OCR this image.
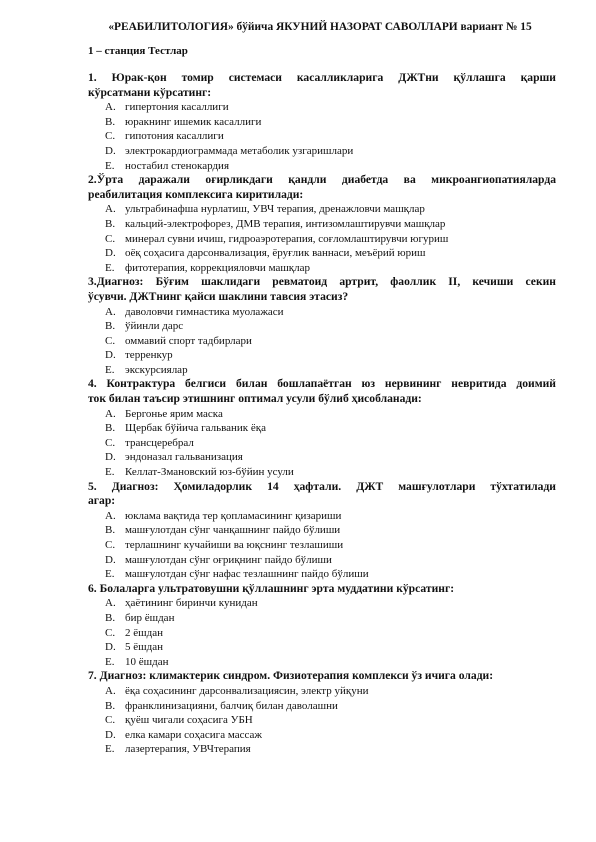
«РЕАБИЛИТОЛОГИЯ» бўйича ЯКУНИЙ НАЗОРАТ САВОЛЛАРИ вариант № 15
1 – станция Тестлар
1. Юрак-қон томир системаси касалликларига ДЖТни қўллашга қарши
кўрсатмани кўрсатинг:
A. гипертония касаллиги
B. юракнинг ишемик касаллиги
C. гипотония касаллиги
D. электрокардиограммада метаболик узгаришлари
E. ностабил стенокардия
2.Ўрта даражали оғирликдаги қандли диабетда ва микроангиопатияларда
реабилитация комплексига киритилади:
A. ультрабинафша нурлатиш, УВЧ терапия, дренажловчи машқлар
B. кальций-электрофорез, ДМВ терапия, интизомлаштирувчи машқлар
C. минерал сувни ичиш, гидроаэротерапия, соғломлаштирувчи югуриш
D. оёқ соҳасига дарсонвализация, ёруғлик ваннаси, меъёрий юриш
E. фитотерапия, коррекцияловчи машқлар
3.Диагноз: Бўғим шаклидаги ревматоид артрит, фаоллик II, кечиши секин
ўсувчи. ДЖТнинг қайси шаклини тавсия этасиз?
A. даволовчи гимнастика муолажаси
B. ўйинли дарс
C. оммавий спорт тадбирлари
D. терренкур
E. экскурсиялар
4. Контрактура белгиси билан бошлапаётган юз нервининг невритида доимий
ток билан таъсир этишнинг оптимал усули бўлиб ҳисобланади:
A. Бергонье ярим маска
B. Щербак бўйича гальваник ёқа
C. трансцеребрал
D. эндоназал гальванизация
E. Келлат-Змановский юз-бўйин усули
5. Диагноз: Ҳомиладорлик 14 ҳафтали. ДЖТ машғулотлари тўхтатилади
агар:
A. юклама вақтида тер қопламасининг қизариши
B. машғулотдан сўнг чанқашнинг пайдо бўлиши
C. терлашнинг кучайиши ва юқснинг тезлашиши
D. машғулотдан сўнг оғриқнинг пайдо бўлиши
E. машғулотдан сўнг нафас тезлашнинг пайдо бўлиши
6. Болаларга ультратовушни қўллашнинг эрта муддатини кўрсатинг:
A. ҳаётининг биринчи кунидан
B. бир ёшдан
C. 2 ёшдан
D. 5 ёшдан
E. 10 ёшдан
7. Диагноз: климактерик синдром. Физиотерапия комплекси ўз ичига олади:
A. ёқа соҳасининг дарсонвализациясин, электр уйқуни
B. франклинизацияни, балчиқ билан даволашни
C. қуёш чигали соҳасига УБН
D. елка камари соҳасига массаж
E. лазертерапия, УВЧтерапия
